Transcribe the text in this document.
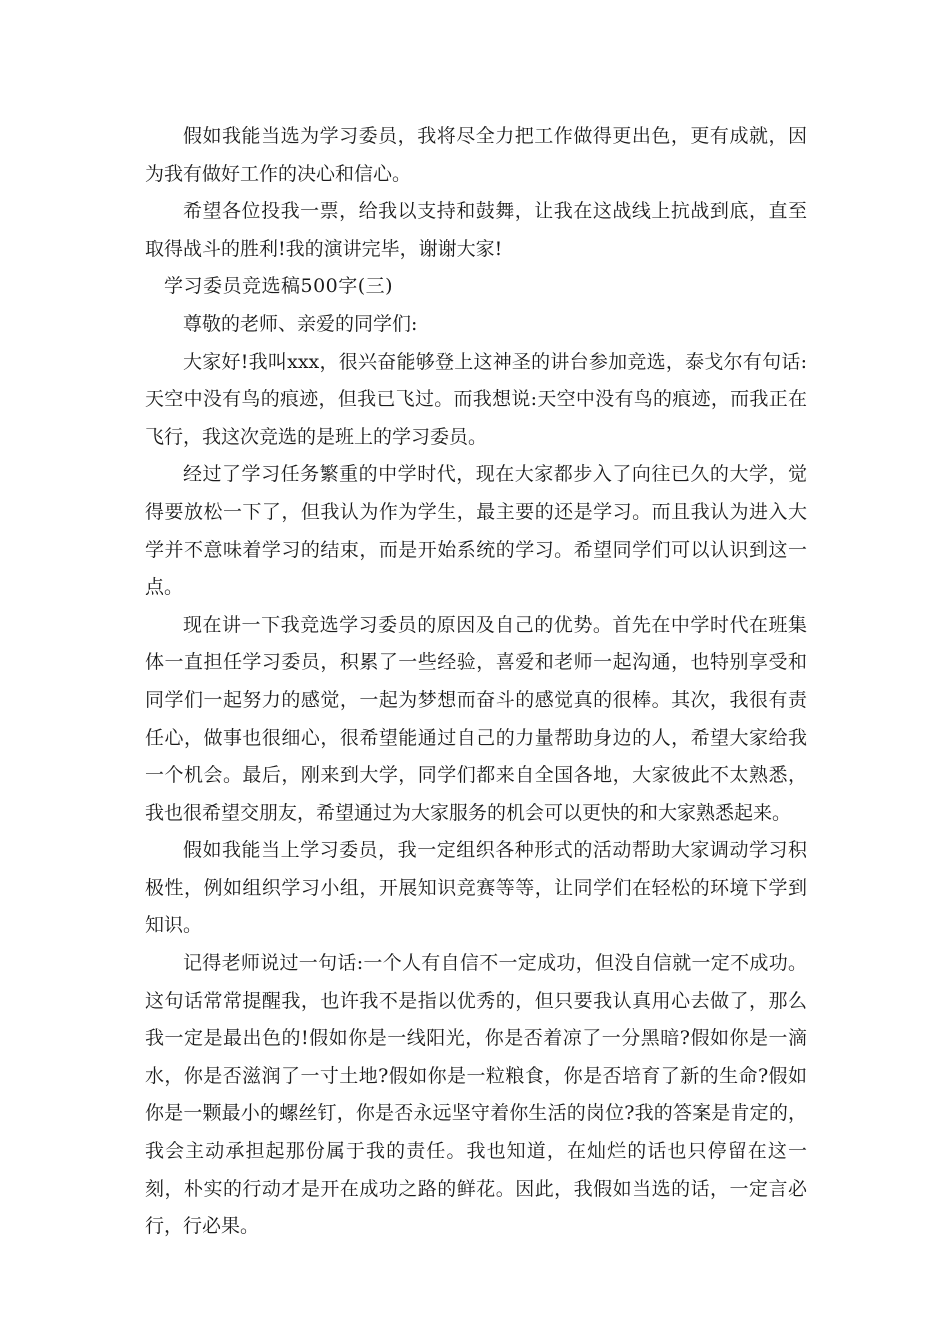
假如我能当选为学习委员，我将尽全力把工作做得更出色，更有成就，因为我有做好工作的决心和信心。

希望各位投我一票，给我以支持和鼓舞，让我在这战线上抗战到底，直至取得战斗的胜利!我的演讲完毕，谢谢大家!

学习委员竞选稿500字(三)

尊敬的老师、亲爱的同学们:

大家好!我叫xxx，很兴奋能够登上这神圣的讲台参加竞选，泰戈尔有句话:天空中没有鸟的痕迹，但我已飞过。而我想说:天空中没有鸟的痕迹，而我正在飞行，我这次竞选的是班上的学习委员。

经过了学习任务繁重的中学时代，现在大家都步入了向往已久的大学，觉得要放松一下了，但我认为作为学生，最主要的还是学习。而且我认为进入大学并不意味着学习的结束，而是开始系统的学习。希望同学们可以认识到这一点。

现在讲一下我竞选学习委员的原因及自己的优势。首先在中学时代在班集体一直担任学习委员，积累了一些经验，喜爱和老师一起沟通，也特别享受和同学们一起努力的感觉，一起为梦想而奋斗的感觉真的很棒。其次，我很有责任心，做事也很细心，很希望能通过自己的力量帮助身边的人，希望大家给我一个机会。最后，刚来到大学，同学们都来自全国各地，大家彼此不太熟悉，我也很希望交朋友，希望通过为大家服务的机会可以更快的和大家熟悉起来。

假如我能当上学习委员，我一定组织各种形式的活动帮助大家调动学习积极性，例如组织学习小组，开展知识竞赛等等，让同学们在轻松的环境下学到知识。

记得老师说过一句话:一个人有自信不一定成功，但没自信就一定不成功。这句话常常提醒我，也许我不是指以优秀的，但只要我认真用心去做了，那么我一定是最出色的!假如你是一线阳光，你是否着凉了一分黑暗?假如你是一滴水，你是否滋润了一寸土地?假如你是一粒粮食，你是否培育了新的生命?假如你是一颗最小的螺丝钉，你是否永远坚守着你生活的岗位?我的答案是肯定的，我会主动承担起那份属于我的责任。我也知道，在灿烂的话也只停留在这一刻，朴实的行动才是开在成功之路的鲜花。因此，我假如当选的话，一定言必行，行必果。
